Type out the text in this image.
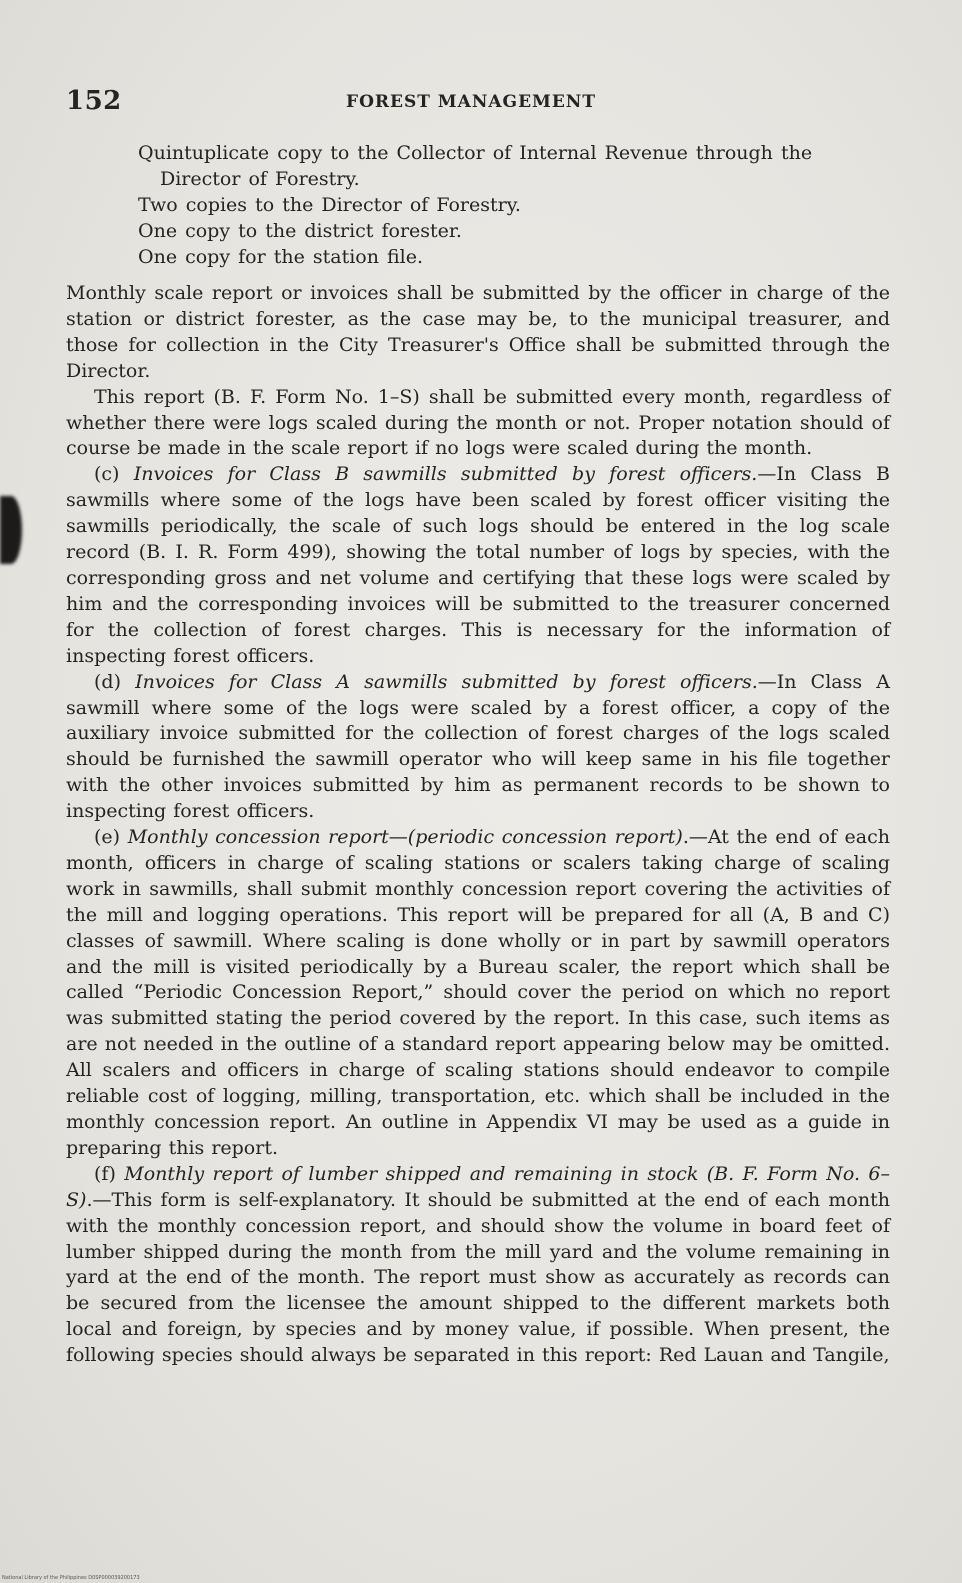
152	FOREST MANAGEMENT

Quintuplicate copy to the Collector of Internal Revenue through the Director of Forestry.

Two copies to the Director of Forestry.

One copy to the district forester.

One copy for the station file.

Monthly scale report or invoices shall be submitted by the officer in charge of the station or district forester, as the case may be, to the municipal treasurer, and those for collection in the City Treasurer's Office shall be submitted through the Director.

This report (B. F. Form No. 1–S) shall be submitted every month, regardless of whether there were logs scaled during the month or not. Proper notation should of course be made in the scale report if no logs were scaled during the month.

(c) Invoices for Class B sawmills submitted by forest officers.—In Class B sawmills where some of the logs have been scaled by forest officer visiting the sawmills periodically, the scale of such logs should be entered in the log scale record (B. I. R. Form 499), showing the total number of logs by species, with the corresponding gross and net volume and certifying that these logs were scaled by him and the corresponding invoices will be submitted to the treasurer concerned for the collection of forest charges. This is necessary for the information of inspecting forest officers.

(d) Invoices for Class A sawmills submitted by forest officers.—In Class A sawmill where some of the logs were scaled by a forest officer, a copy of the auxiliary invoice submitted for the collection of forest charges of the logs scaled should be furnished the sawmill operator who will keep same in his file together with the other invoices submitted by him as permanent records to be shown to inspecting forest officers.

(e) Monthly concession report—(periodic concession report).—At the end of each month, officers in charge of scaling stations or scalers taking charge of scaling work in sawmills, shall submit monthly concession report covering the activities of the mill and logging operations. This report will be prepared for all (A, B and C) classes of sawmill. Where scaling is done wholly or in part by sawmill operators and the mill is visited periodically by a Bureau scaler, the report which shall be called “Periodic Concession Report,” should cover the period on which no report was submitted stating the period covered by the report. In this case, such items as are not needed in the outline of a standard report appearing below may be omitted. All scalers and officers in charge of scaling stations should endeavor to compile reliable cost of logging, milling, transportation, etc. which shall be included in the monthly concession report. An outline in Appendix VI may be used as a guide in preparing this report.

(f) Monthly report of lumber shipped and remaining in stock (B. F. Form No. 6–S).—This form is self-explanatory. It should be submitted at the end of each month with the monthly concession report, and should show the volume in board feet of lumber shipped during the month from the mill yard and the volume remaining in yard at the end of the month. The report must show as accurately as records can be secured from the licensee the amount shipped to the different markets both local and foreign, by species and by money value, if possible. When present, the following species should always be separated in this report: Red Lauan and Tangile,

National Library of the Philippines D0SP000039200173
